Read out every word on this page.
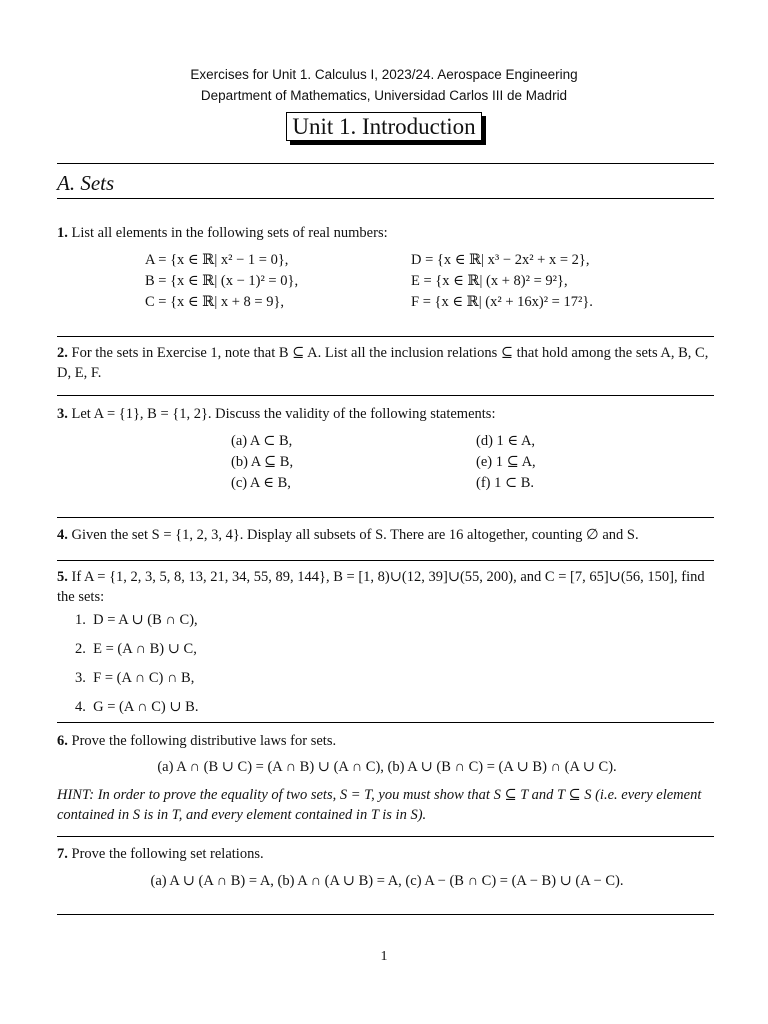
Exercises for Unit 1. Calculus I, 2023/24. Aerospace Engineering
Department of Mathematics, Universidad Carlos III de Madrid
Unit 1. Introduction
A. Sets
1. List all elements in the following sets of real numbers:
A = {x ∈ ℝ| x² − 1 = 0},
B = {x ∈ ℝ| (x − 1)² = 0},
C = {x ∈ ℝ| x + 8 = 9},
D = {x ∈ ℝ| x³ − 2x² + x = 2},
E = {x ∈ ℝ| (x + 8)² = 9²},
F = {x ∈ ℝ| (x² + 16x)² = 17²}.
2. For the sets in Exercise 1, note that B ⊆ A. List all the inclusion relations ⊆ that hold among the sets A, B, C, D, E, F.
3. Let A = {1}, B = {1, 2}. Discuss the validity of the following statements:
(a) A ⊂ B,
(b) A ⊆ B,
(c) A ∈ B,
(d) 1 ∈ A,
(e) 1 ⊆ A,
(f) 1 ⊂ B.
4. Given the set S = {1, 2, 3, 4}. Display all subsets of S. There are 16 altogether, counting ∅ and S.
5. If A = {1, 2, 3, 5, 8, 13, 21, 34, 55, 89, 144}, B = [1, 8)∪(12, 39]∪(55, 200), and C = [7, 65]∪(56, 150], find the sets:
1.  D = A ∪ (B ∩ C),
2.  E = (A ∩ B) ∪ C,
3.  F = (A ∩ C) ∩ B,
4.  G = (A ∩ C) ∪ B.
6. Prove the following distributive laws for sets.
(a) A ∩ (B ∪ C) = (A ∩ B) ∪ (A ∩ C), (b) A ∪ (B ∩ C) = (A ∪ B) ∩ (A ∪ C).
HINT: In order to prove the equality of two sets, S = T, you must show that S ⊆ T and T ⊆ S (i.e. every element contained in S is in T, and every element contained in T is in S).
7. Prove the following set relations.
(a) A ∪ (A ∩ B) = A, (b) A ∩ (A ∪ B) = A, (c) A − (B ∩ C) = (A − B) ∪ (A − C).
1
